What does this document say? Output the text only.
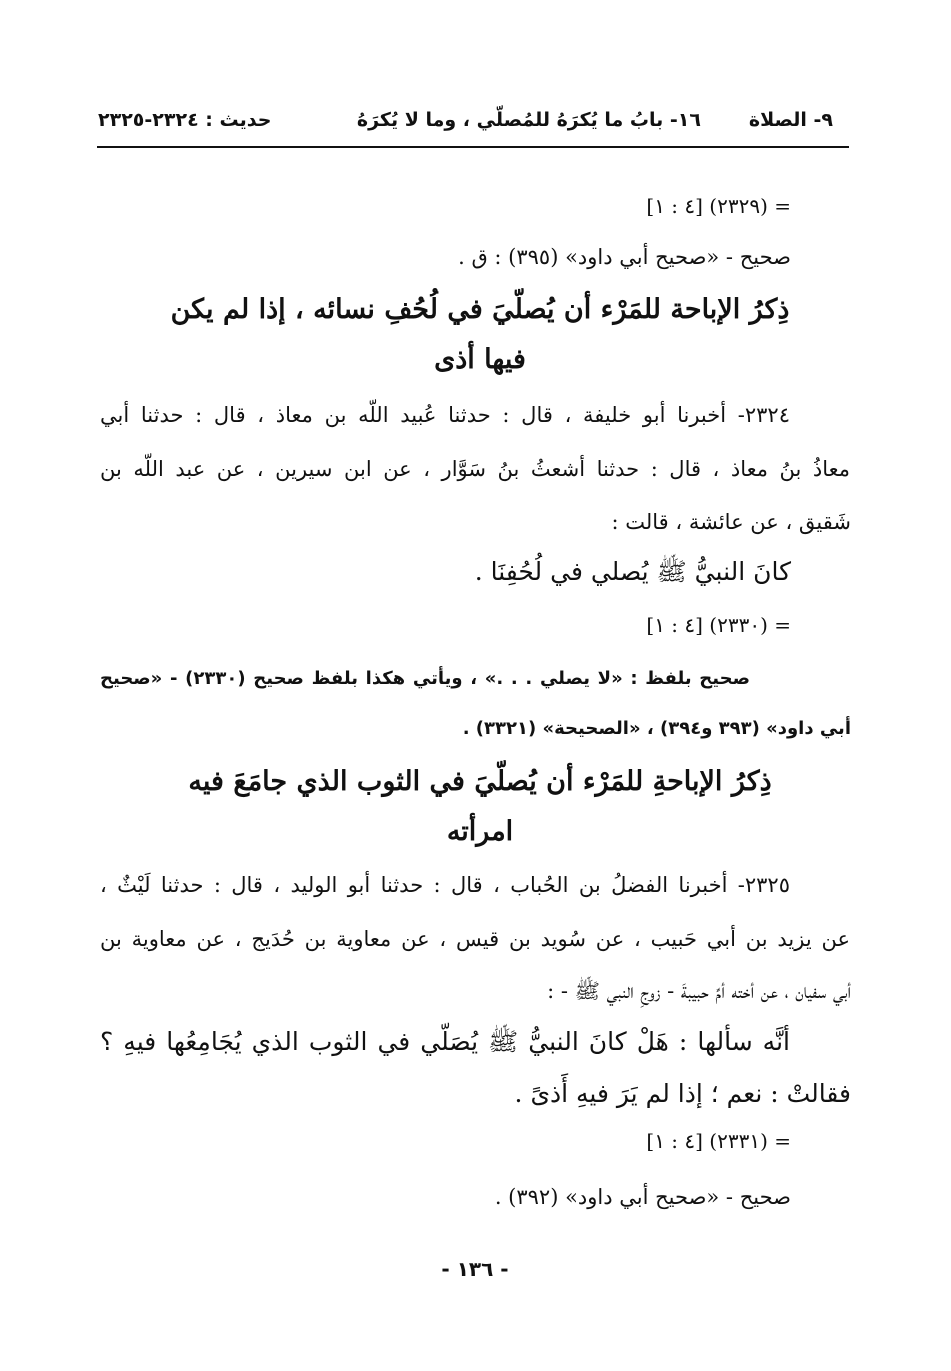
٩- الصلاة
١٦- بابُ ما يُكرَهُ للمُصلّي ، وما لا يُكرَهُ
حديث : ٢٣٢٤-٢٣٢٥
= (٢٣٢٩) [٤ : ١]
صحيح - «صحيح أبي داود» (٣٩٥) : ق .
ذِكرُ الإباحة للمَرْء أن يُصلّيَ في لُحُفِ نسائه ، إذا لم يكن
فيها أذى
٢٣٢٤- أخبرنا أبو خليفة ، قال : حدثنا عُبيد اللّه بن معاذ ، قال : حدثنا أبي
معاذُ بنُ معاذ ، قال : حدثنا أشعثُ بنُ سَوَّار ، عن ابن سيرين ، عن عبد اللّه بن
شَقيق ، عن عائشة ، قالت :
كانَ النبيُّ ﷺ يُصلي في لُحُفِنَا .
= (٢٣٣٠) [٤ : ١]
صحيح بلفظ : «لا يصلي . . .» ، ويأتي هكذا بلفظ صحيح (٢٣٣٠) - «صحيح
أبي داود» (٣٩٣ و٣٩٤) ، «الصحيحة» (٣٣٢١) .
ذِكرُ الإباحةِ للمَرْء أن يُصلّيَ في الثوب الذي جامَعَ فيه
امرأته
٢٣٢٥- أخبرنا الفضلُ بن الحُباب ، قال : حدثنا أبو الوليد ، قال : حدثنا لَيْثٌ ،
عن يزيد بن أبي حَبيب ، عن سُويد بن قيس ، عن معاوية بن حُدَيج ، عن معاوية بن
أبي سفيان ، عن أخته أمِّ حبيبةَ - زوجِ النبي ﷺ - :
أنَّه سألها : هَلْ كانَ النبيُّ ﷺ يُصَلّي في الثوب الذي يُجَامِعُها فيهِ ؟
فقالتْ : نعم ؛ إذا لم يَرَ فيهِ أَذىً .
= (٢٣٣١) [٤ : ١]
صحيح - «صحيح أبي داود» (٣٩٢) .
- ١٣٦ -
